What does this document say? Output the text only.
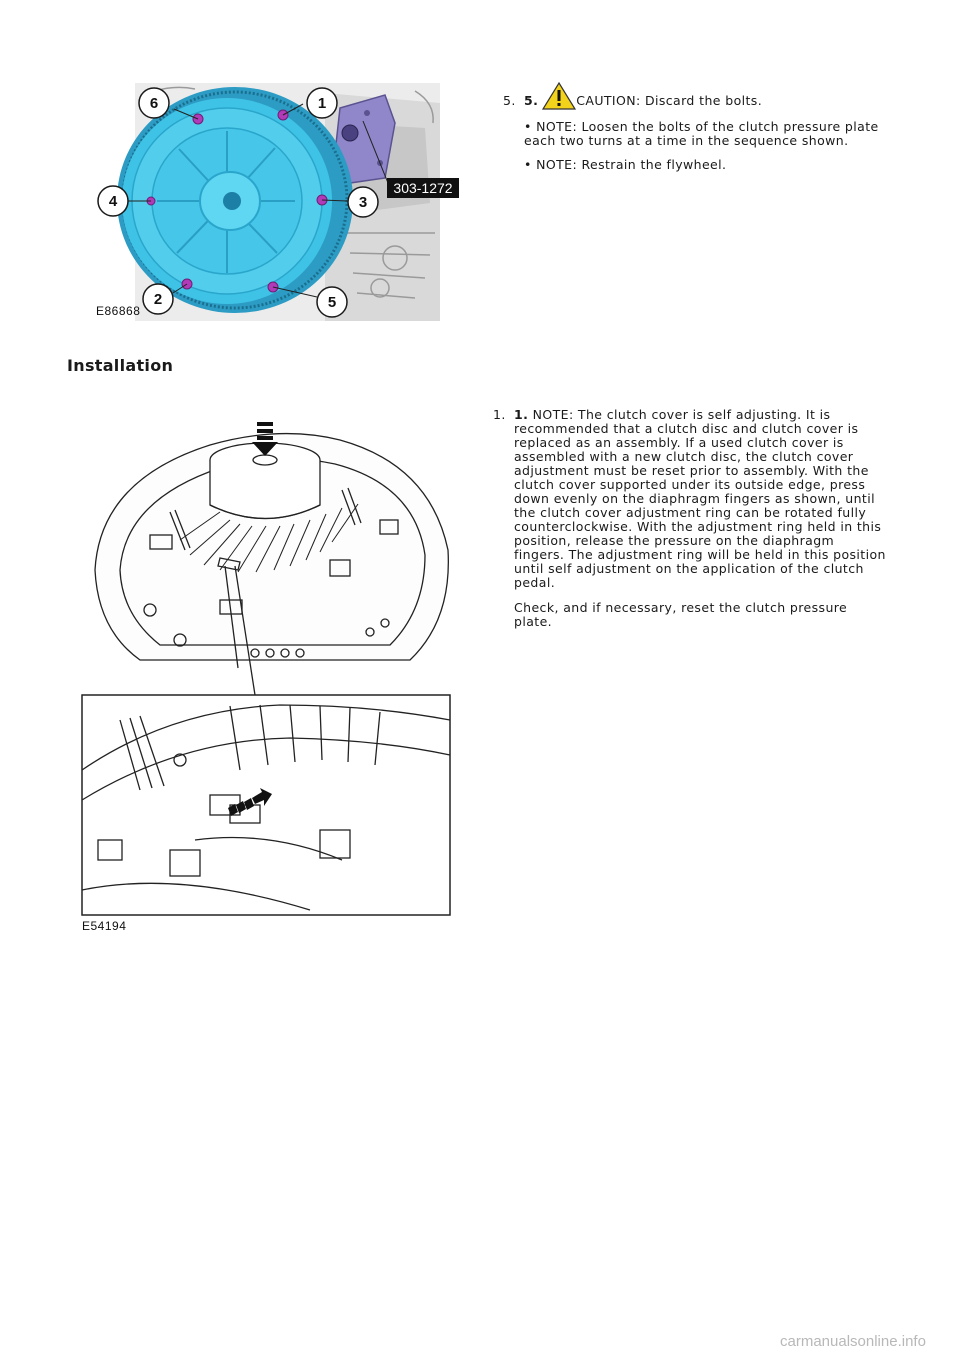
6	1
3
4
5
2
303-1272
E86868
5. 5.	CAUTION: Discard the bolts.

• NOTE: Loosen the bolts of the clutch pressure plate each two turns at a time in the sequence shown.

• NOTE: Restrain the flywheel.

Installation
E54194
1. 1. NOTE: The clutch cover is self adjusting. It is recommended that a clutch disc and clutch cover is replaced as an assembly. If a used clutch cover is assembled with a new clutch disc, the clutch cover adjustment must be reset prior to assembly. With the clutch cover supported under its outside edge, press down evenly on the diaphragm fingers as shown, until the clutch cover adjustment ring can be rotated fully counterclockwise. With the adjustment ring held in this position, release the pressure on the diaphragm fingers. The adjustment ring will be held in this position until self adjustment on the application of the clutch pedal.

Check, and if necessary, reset the clutch pressure plate.

carmanualsonline.info
